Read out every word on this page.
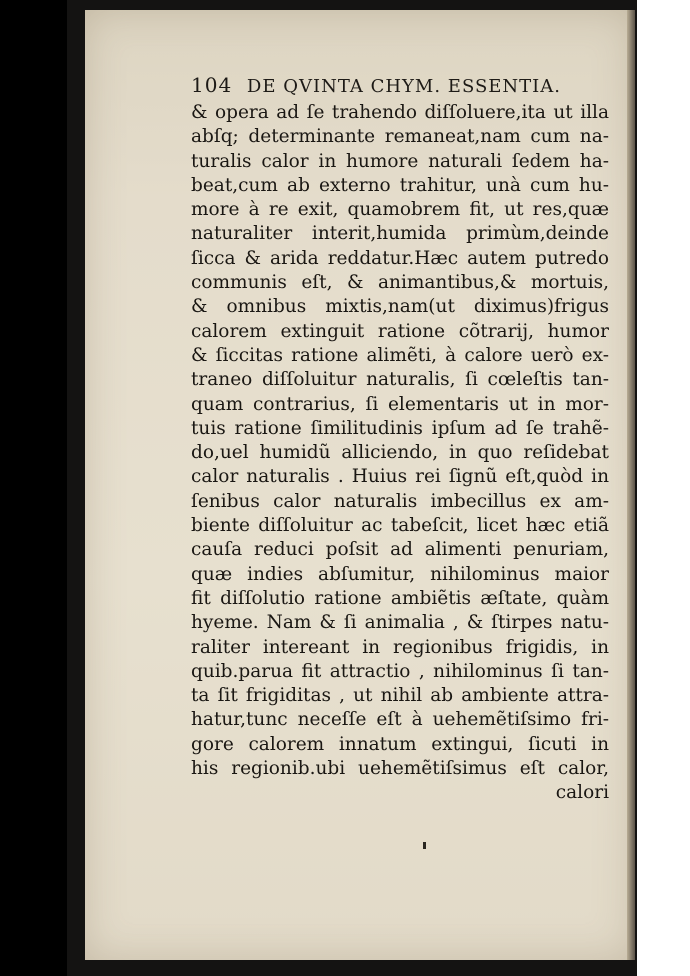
104 DE QVINTA CHYM. ESSENTIA.
& opera ad ſe trahendo diſſoluere,ita ut illa
abſq; determinante remaneat,nam cum na-
turalis calor in humore naturali ſedem ha-
beat,cum ab externo trahitur, unà cum hu-
more à re exit, quamobrem fit, ut res,quæ
naturaliter interit,humida primùm,deinde
ſicca & arida reddatur.Hæc autem putredo
communis eſt, & animantibus,& mortuis,
& omnibus mixtis,nam(ut diximus)frigus
calorem extinguit ratione cõtrarij, humor
& ſiccitas ratione alimẽti, à calore uerò ex-
traneo diſſoluitur naturalis, ſi cœleſtis tan-
quam contrarius, ſi elementaris ut in mor-
tuis ratione ſimilitudinis ipſum ad ſe trahẽ-
do,uel humidũ alliciendo, in quo reſidebat
calor naturalis . Huius rei ſignũ eſt,quòd in
ſenibus calor naturalis imbecillus ex am-
biente diſſoluitur ac tabeſcit, licet hæc etiã
cauſa reduci poſsit ad alimenti penuriam,
quæ indies abſumitur, nihilominus maior
fit diſſolutio ratione ambiẽtis æſtate, quàm
hyeme. Nam & ſi animalia , & ſtirpes natu-
raliter intereant in regionibus frigidis, in
quib.parua fit attractio , nihilominus ſi tan-
ta ſit frigiditas , ut nihil ab ambiente attra-
hatur,tunc neceſſe eſt à uehemẽtiſsimo fri-
gore calorem innatum extingui, ſicuti in
his regionib.ubi uehemẽtiſsimus eſt calor,
calori
